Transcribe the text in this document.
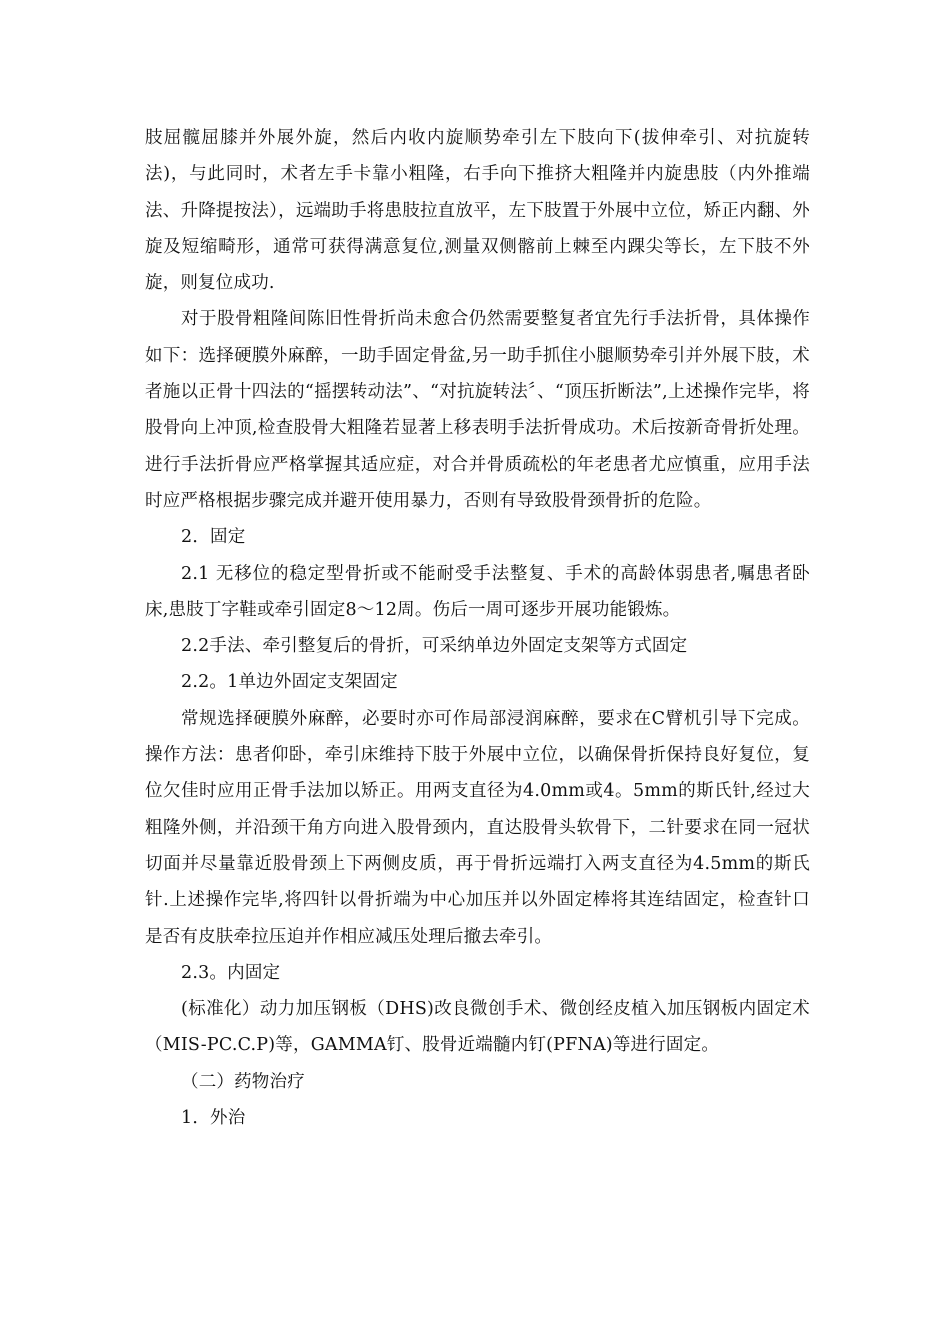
肢屈髋屈膝并外展外旋，然后内收内旋顺势牵引左下肢向下(拔伸牵引、对抗旋转法)，与此同时，术者左手卡靠小粗隆，右手向下推挤大粗隆并内旋患肢（内外推端法、升降提按法），远端助手将患肢拉直放平，左下肢置于外展中立位，矫正内翻、外旋及短缩畸形，通常可获得满意复位,测量双侧髂前上棘至内踝尖等长，左下肢不外旋，则复位成功.

对于股骨粗隆间陈旧性骨折尚未愈合仍然需要整复者宜先行手法折骨，具体操作如下：选择硬膜外麻醉，一助手固定骨盆,另一助手抓住小腿顺势牵引并外展下肢，术者施以正骨十四法的“摇摆转动法”、“对抗旋转法〞、“顶压折断法”,上述操作完毕，将股骨向上冲顶,检查股骨大粗隆若显著上移表明手法折骨成功。术后按新奇骨折处理。进行手法折骨应严格掌握其适应症，对合并骨质疏松的年老患者尤应慎重，应用手法时应严格根据步骤完成并避开使用暴力，否则有导致股骨颈骨折的危险。

2．固定

2.1 无移位的稳定型骨折或不能耐受手法整复、手术的高龄体弱患者,嘱患者卧床,患肢丁字鞋或牵引固定8～12周。伤后一周可逐步开展功能锻炼。

2.2手法、牵引整复后的骨折，可采纳单边外固定支架等方式固定

2.2。1单边外固定支架固定

常规选择硬膜外麻醉，必要时亦可作局部浸润麻醉，要求在C臂机引导下完成。操作方法：患者仰卧，牵引床维持下肢于外展中立位，以确保骨折保持良好复位，复位欠佳时应用正骨手法加以矫正。用两支直径为4.0mm或4。5mm的斯氏针,经过大粗隆外侧，并沿颈干角方向进入股骨颈内，直达股骨头软骨下，二针要求在同一冠状切面并尽量靠近股骨颈上下两侧皮质，再于骨折远端打入两支直径为4.5mm的斯氏针.上述操作完毕,将四针以骨折端为中心加压并以外固定棒将其连结固定，检查针口是否有皮肤牵拉压迫并作相应减压处理后撤去牵引。

2.3。内固定

(标准化）动力加压钢板（DHS)改良微创手术、微创经皮植入加压钢板内固定术（MIS-PC.C.P)等，GAMMA钉、股骨近端髓内钉(PFNA)等进行固定。

（二）药物治疗

1．外治
